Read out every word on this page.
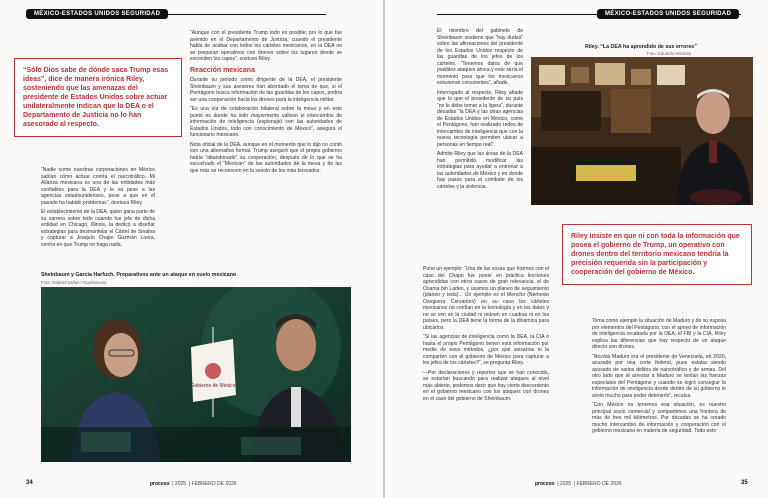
MÉXICO-ESTADOS UNIDOS SEGURIDAD
“Sólo Dios sabe de dónde saca Trump esas ideas”, dice de manera irónica Riley, sosteniendo que las amenazas del presidente de Estados Unidos sobre actuar unilateralmente indican que la DEA o el Departamento de Justicia no lo han asesorado al respecto.

“Nadie como nuestras corporaciones en México sabían cómo actuar contra el narcotráfico. Mi Alianza mexicana es una de las entidades más confiables para la DEA y le va pese a las agencias estadounidenses, pese a que en el pasado ha habido problemas”, destaca Riley.

El establecimiento de la DEA, quien gana parte de su carrera sobre todo cuando fue jefe de dicha entidad en Chicago, Illinois, la dedicó a diseñar estrategias para desmantelar el Cártel de Sinaloa y capturar a Joaquín Chapo Guzmán Loera, contra en que Trump no haga nada.

“Aunque con el presidente Trump todo es posible; por lo que fue avenido en el Departamento de Justicia, cuando el presidente habla de acabar con todos los cárteles mexicanos, en la DEA no se preparan operativos con drones sobre los lugares donde se esconden los capos”, sostuvo Riley.

Reacción mexicana

Durante su periodo como dirigente de la DEA, el presidente Sheinbaum y sus asesores han abordado el tema de que, si el Pentágono busca información de las guaridas de los capos, podría ser una cooperación hacia los drones para la inteligencia militar.

“Es una vía de colaboración bilateral sobre la mesa y en este punto es donde ha sido mayormente valioso el intercambio de información de inteligencia (espionaje) con las autoridades de Estados Unidos, todo con conocimiento de México”, asegura el funcionario mexicano.

Nota oficial de la DEA, aunque en el momento que lo dijo no contó con una alternativa formal. Trump aseguró que el propio gobierno había “abandonado” su cooperación, después de lo que se ha escuchado el “Mexican” de las autoridades de la mesa y de las que más se reconocen en la sesión de los más buscados.

Sheinbaum y García Harfuch. Preparativos ante un ataque en suelo mexicano
Foto: Gabriel Cañas / Cuartoscuro
Gobierno de México
34	proceso  | 2025  | FEBRERO DE 2026
MÉXICO-ESTADOS UNIDOS SEGURIDAD

El miembro del gabinete de Sheinbaum sostiene que “hay dudas” sobre las afirmaciones del presidente de los Estados Unidos respecto de las guaridas de los jefes de los cárteles. “Tenemos datos de que posibles ataques ahora y este sería el momento para que los mexicanos estuvieran conscientes”, añade.

Interrogado al respecto, Riley añade que lo que el presidente de su país “no le debe tomar a la ligera”, durante décadas “la DEA y las otras agencias de Estados Unidos en México, como el Pentágono, han realizado redes de intercambio de inteligencia que con la nueva tecnología permiten ubicar a personas en tiempo real”.

Admite Riley que las áreas de la DEA han permitido modificar las estrategias para ayudar a entrenar a las autoridades de México y en donde hay pasos para el combate de los cárteles y la violencia.

Pone un ejemplo: “Una de las cosas que hicimos con el caso del Chapo fue poner en práctica lecciones aprendidas con otros casos de gran relevancia, el de Osama bin Laden, y usamos un planeo de seguimiento (planeo y toda)... Un ejemplo es el Mencho (Nemesio Oseguera Cervantes) en su caso los cárteles mexicanos no confían en la tecnología y en los datos y no se ven en la ciudad ni reúnen en cuadras ni en los países, pero la DEA tiene la forma de la dinámica para ubicarlos.

“Si las agencias de inteligencia como la DEA, la CIA o hasta el propio Pentágono tienen esta información por medio de esos métodos, ¿por qué avisarías ni la comparten con el gobierno de México para capturar a los jefes de los cárteles?”, se pregunta Riley.

—Por declaraciones y reportes que se han conocido, se estarían buscando para realizar ataques al nivel más abierto, podemos decir que hay cierto descontento en el gobierno mexicano con los ataques con drones en el caso del gobierno de Sheinbaum.

Riley. “La DEA ha aprendido de sus errores”
Foto: Eduardo Miranda
Riley insiste en que ni con toda la información que posea el gobierno de Trump, un operativo con drones dentro del territorio mexicano tendría la precisión requerida sin la participación y cooperación del gobierno de México.

Toma como ejemplo la situación de Maduro y de su esposa por elementos del Pentágono, con el apoyo de información de inteligencia recabada por la DEA, el FBI y la CIA. Riley explica las diferencias que hay respecto de un ataque directo con drones.

“Nicolás Maduro era el presidente de Venezuela, en 2020, acusado por una corte federal, pues estaba siendo acusado de varios delitos de narcotráfico y de armas. Del otro lado que al arrestar a Maduro se tenían las fuerzas especiales del Pentágono y cuando se logró conseguir la información de inteligencia desde dentro de su gobierno le sirvió mucho para poder detenerlo”, recalca.

“Con México no tenemos esa situación, es nuestro principal socio comercial y compartimos una frontera de más de tres mil kilómetros. Por décadas se ha creado mucho intercambio de información y cooperación con el gobierno mexicano en materia de seguridad. Todo esto

proceso  | 2025  | FEBRERO DE 2026	35
